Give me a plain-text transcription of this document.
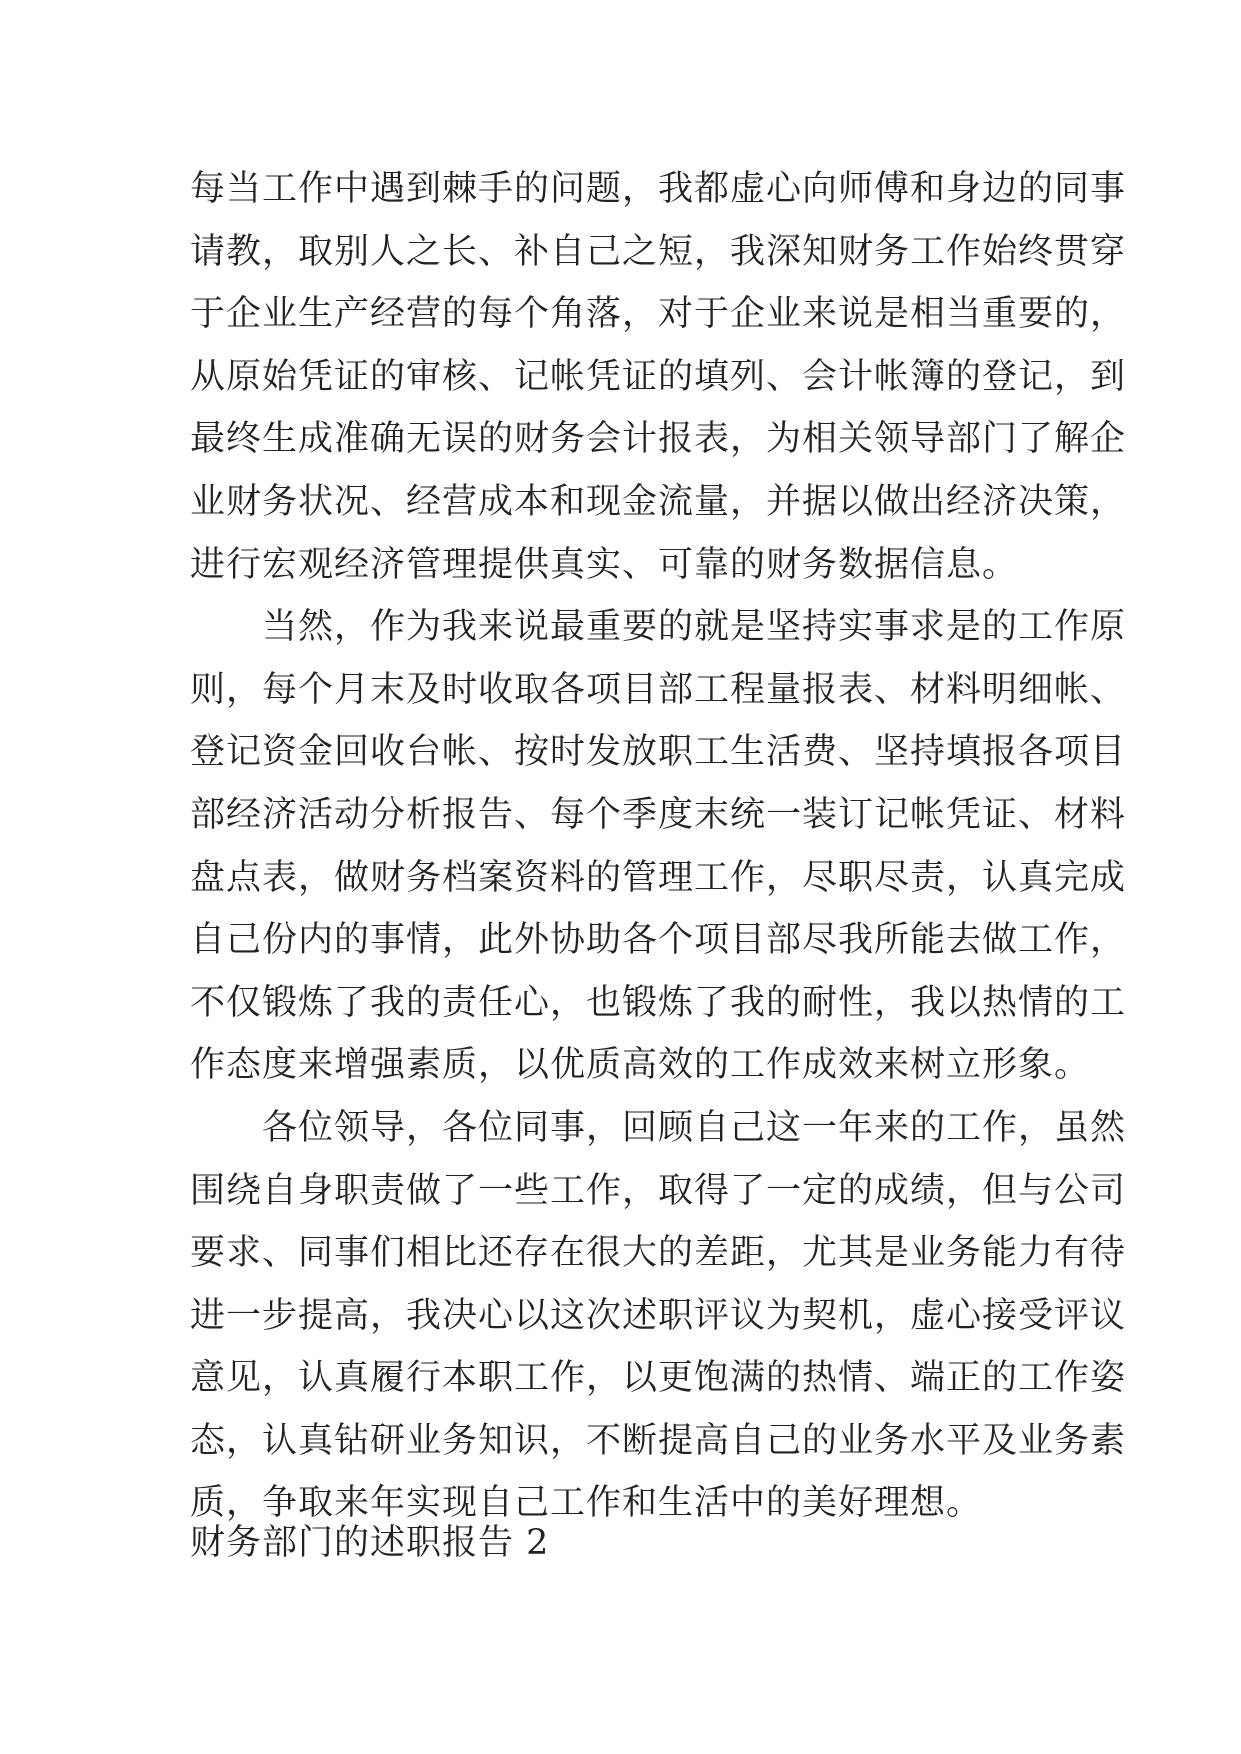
每当工作中遇到棘手的问题，我都虚心向师傅和身边的同事
请教，取别人之长、补自己之短，我深知财务工作始终贯穿
于企业生产经营的每个角落，对于企业来说是相当重要的，
从原始凭证的审核、记帐凭证的填列、会计帐簿的登记，到
最终生成准确无误的财务会计报表，为相关领导部门了解企
业财务状况、经营成本和现金流量，并据以做出经济决策，
进行宏观经济管理提供真实、可靠的财务数据信息。
　　当然，作为我来说最重要的就是坚持实事求是的工作原
则，每个月末及时收取各项目部工程量报表、材料明细帐、
登记资金回收台帐、按时发放职工生活费、坚持填报各项目
部经济活动分析报告、每个季度末统一装订记帐凭证、材料
盘点表，做财务档案资料的管理工作，尽职尽责，认真完成
自己份内的事情，此外协助各个项目部尽我所能去做工作，
不仅锻炼了我的责任心，也锻炼了我的耐性，我以热情的工
作态度来增强素质，以优质高效的工作成效来树立形象。
　　各位领导，各位同事，回顾自己这一年来的工作，虽然
围绕自身职责做了一些工作，取得了一定的成绩，但与公司
要求、同事们相比还存在很大的差距，尤其是业务能力有待
进一步提高，我决心以这次述职评议为契机，虚心接受评议
意见，认真履行本职工作，以更饱满的热情、端正的工作姿
态，认真钻研业务知识，不断提高自己的业务水平及业务素
质，争取来年实现自己工作和生活中的美好理想。
财务部门的述职报告 2
